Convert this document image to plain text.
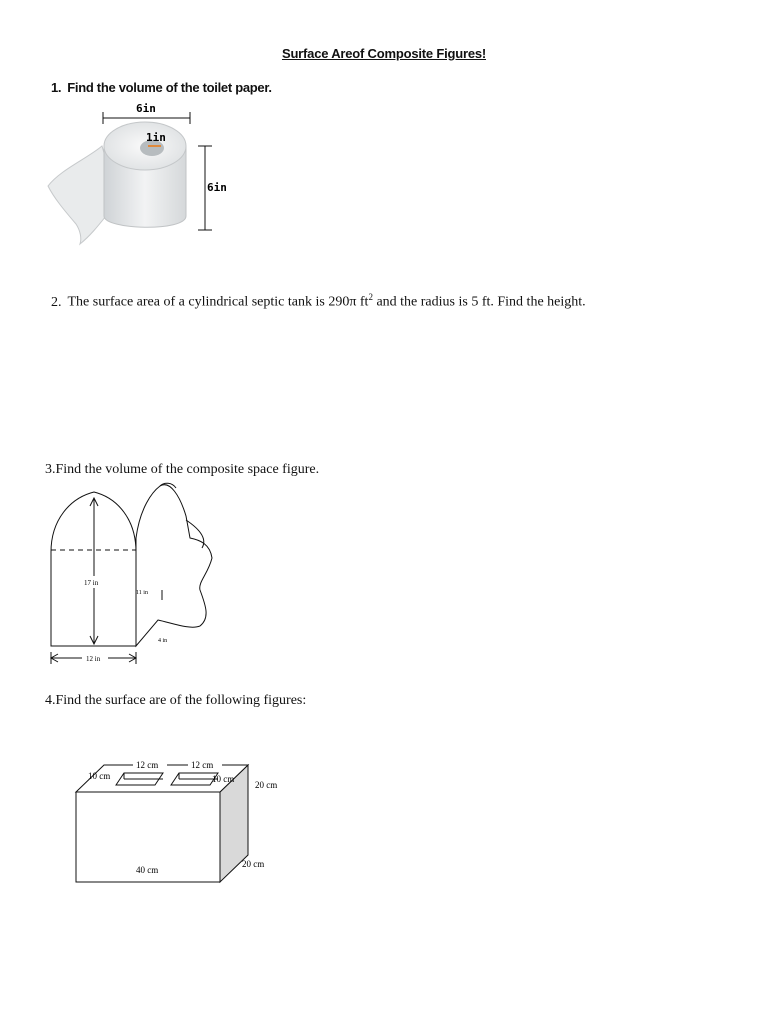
Surface Areof Composite Figures!
1. Find the volume of the toilet paper.
6in
1in
6in
2. The surface area of a cylindrical septic tank is 290π $ft^2$ and the radius is 5 ft. Find the height.
3.Find the volume of the composite space figure.
17 in
11 in
4 in
12 in
4.Find the surface are of the following figures:
12 cm	12 cm
10 cm	10 cm
20 cm
20 cm
40 cm
